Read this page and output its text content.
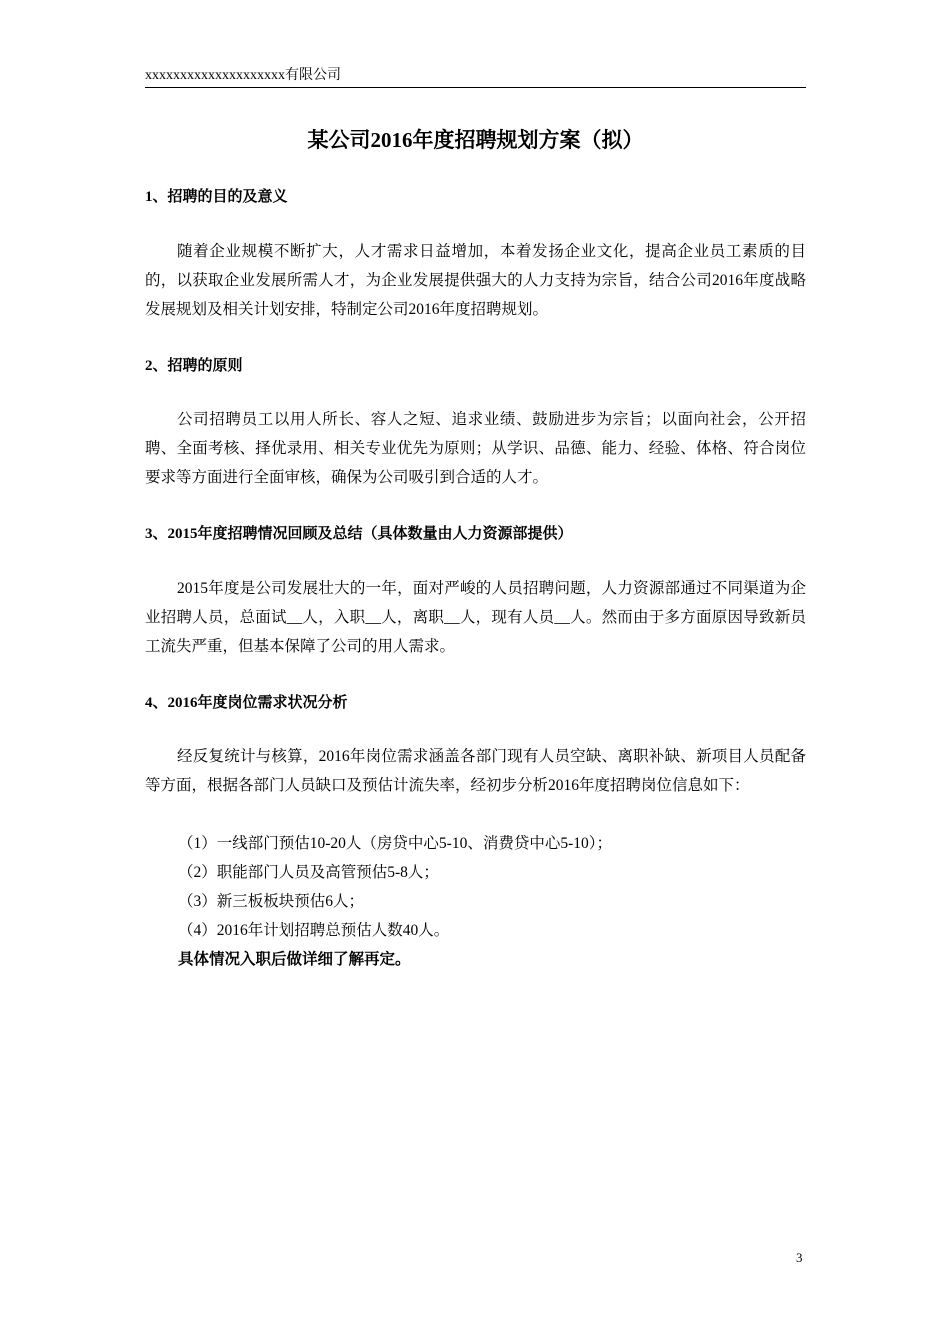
xxxxxxxxxxxxxxxxxxxx有限公司
某公司2016年度招聘规划方案（拟）
1、招聘的目的及意义
随着企业规模不断扩大，人才需求日益增加，本着发扬企业文化，提高企业员工素质的目的，以获取企业发展所需人才，为企业发展提供强大的人力支持为宗旨，结合公司2016年度战略发展规划及相关计划安排，特制定公司2016年度招聘规划。
2、招聘的原则
公司招聘员工以用人所长、容人之短、追求业绩、鼓励进步为宗旨；以面向社会，公开招聘、全面考核、择优录用、相关专业优先为原则；从学识、品德、能力、经验、体格、符合岗位要求等方面进行全面审核，确保为公司吸引到合适的人才。
3、2015年度招聘情况回顾及总结（具体数量由人力资源部提供）
2015年度是公司发展壮大的一年，面对严峻的人员招聘问题，人力资源部通过不同渠道为企业招聘人员，总面试__人，入职__人，离职__人，现有人员__人。然而由于多方面原因导致新员工流失严重，但基本保障了公司的用人需求。
4、2016年度岗位需求状况分析
经反复统计与核算，2016年岗位需求涵盖各部门现有人员空缺、离职补缺、新项目人员配备等方面，根据各部门人员缺口及预估计流失率，经初步分析2016年度招聘岗位信息如下：
（1）一线部门预估10-20人（房贷中心5-10、消费贷中心5-10）；
（2）职能部门人员及高管预估5-8人；
（3）新三板板块预估6人；
（4）2016年计划招聘总预估人数40人。
具体情况入职后做详细了解再定。
3
